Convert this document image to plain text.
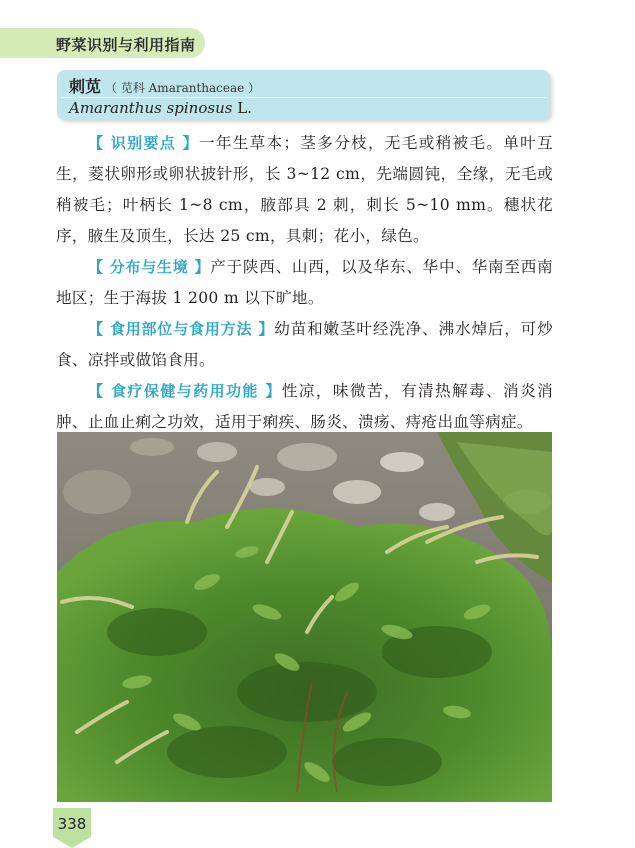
野菜识别与利用指南
刺苋 （ 苋科 Amaranthaceae ）
Amaranthus spinosus L.

【 识别要点 】一年生草本；茎多分枝，无毛或稍被毛。单叶互生，菱状卵形或卵状披针形，长 3~12 cm，先端圆钝，全缘，无毛或稍被毛；叶柄长 1~8 cm，腋部具 2 刺，刺长 5~10 mm。穗状花序，腋生及顶生，长达 25 cm，具刺；花小，绿色。

【 分布与生境 】产于陕西、山西，以及华东、华中、华南至西南地区；生于海拔 1 200 m 以下旷地。

【 食用部位与食用方法 】幼苗和嫩茎叶经洗净、沸水焯后，可炒食、凉拌或做馅食用。

【 食疗保健与药用功能 】性凉，味微苦，有清热解毒、消炎消肿、止血止痢之功效，适用于痢疾、肠炎、溃疡、痔疮出血等病症。

338
